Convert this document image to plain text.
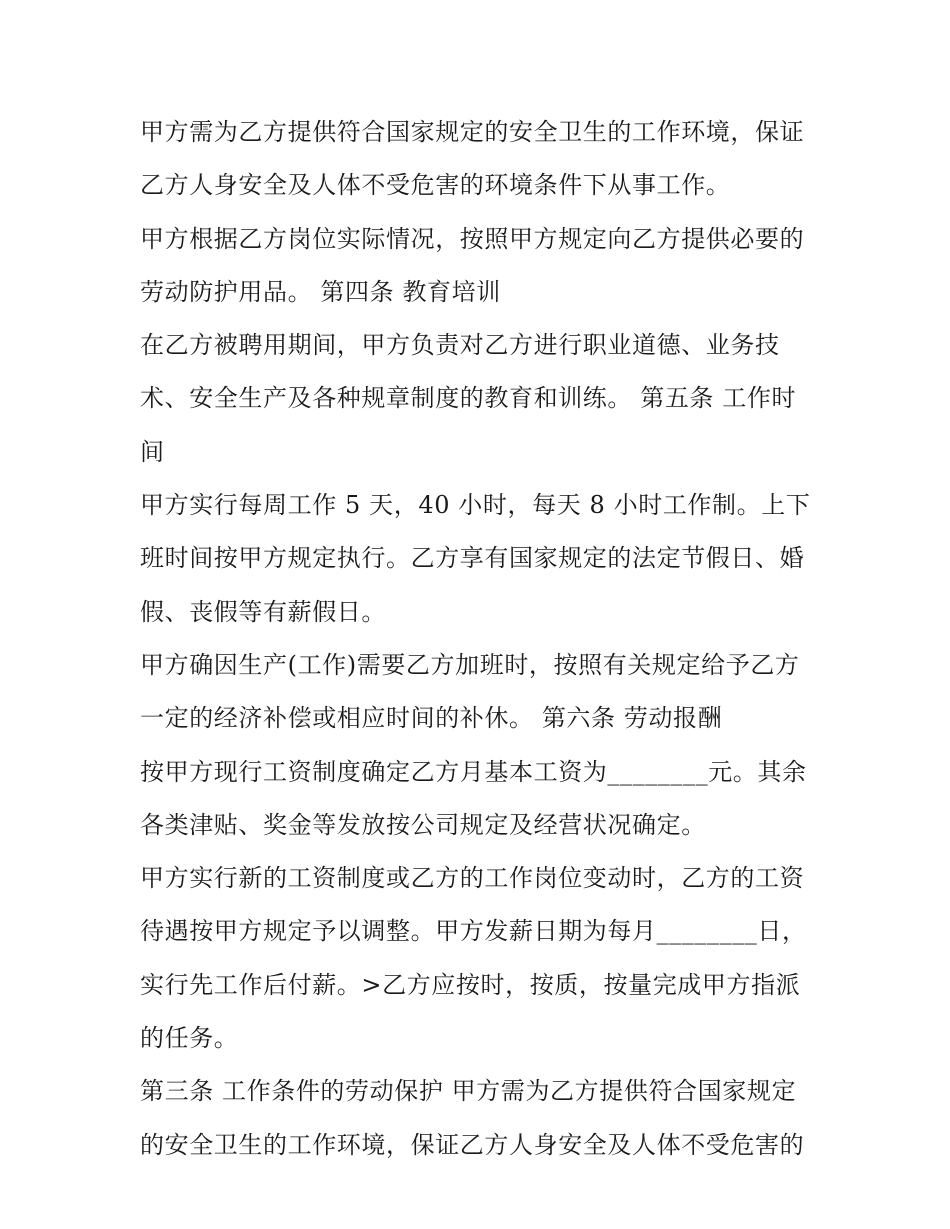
甲方需为乙方提供符合国家规定的安全卫生的工作环境，保证乙方人身安全及人体不受危害的环境条件下从事工作。

甲方根据乙方岗位实际情况，按照甲方规定向乙方提供必要的劳动防护用品。 第四条 教育培训

在乙方被聘用期间，甲方负责对乙方进行职业道德、业务技术、安全生产及各种规章制度的教育和训练。 第五条 工作时间

甲方实行每周工作 5 天，40 小时，每天 8 小时工作制。上下班时间按甲方规定执行。乙方享有国家规定的法定节假日、婚假、丧假等有薪假日。

甲方确因生产(工作)需要乙方加班时，按照有关规定给予乙方一定的经济补偿或相应时间的补休。 第六条 劳动报酬

按甲方现行工资制度确定乙方月基本工资为________元。其余各类津贴、奖金等发放按公司规定及经营状况确定。

甲方实行新的工资制度或乙方的工作岗位变动时，乙方的工资待遇按甲方规定予以调整。甲方发薪日期为每月________日，实行先工作后付薪。>乙方应按时，按质，按量完成甲方指派的任务。

第三条 工作条件的劳动保护 甲方需为乙方提供符合国家规定的安全卫生的工作环境，保证乙方人身安全及人体不受危害的
